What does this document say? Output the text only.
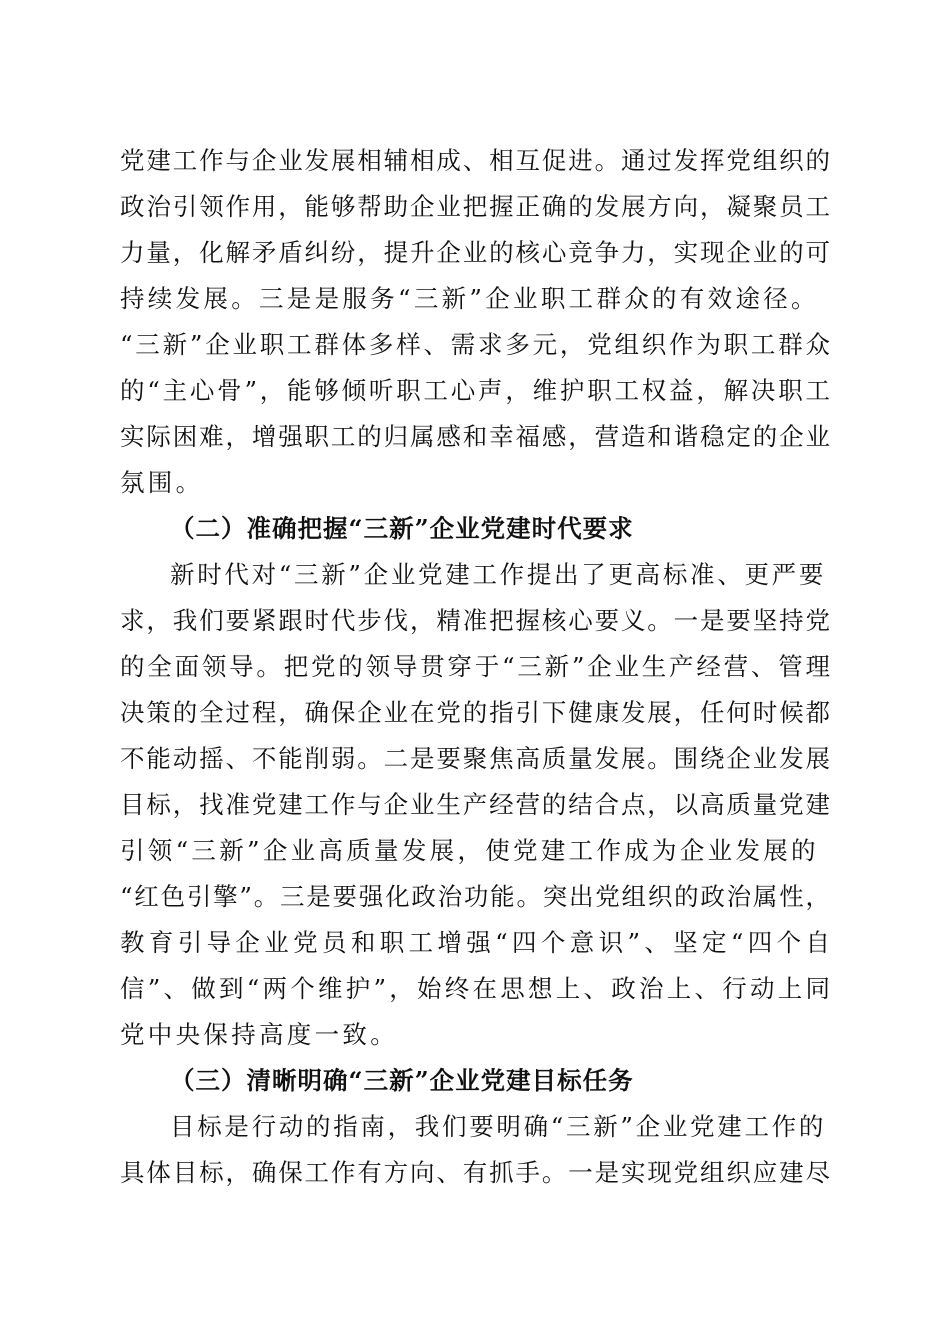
党建工作与企业发展相辅相成、相互促进。通过发挥党组织的
政治引领作用，能够帮助企业把握正确的发展方向，凝聚员工
力量，化解矛盾纠纷，提升企业的核心竞争力，实现企业的可
持续发展。三是是服务“三新”企业职工群众的有效途径。
“三新”企业职工群体多样、需求多元，党组织作为职工群众
的“主心骨”，能够倾听职工心声，维护职工权益，解决职工
实际困难，增强职工的归属感和幸福感，营造和谐稳定的企业
氛围。
（二）准确把握“三新”企业党建时代要求
新时代对“三新”企业党建工作提出了更高标准、更严要
求，我们要紧跟时代步伐，精准把握核心要义。一是要坚持党
的全面领导。把党的领导贯穿于“三新”企业生产经营、管理
决策的全过程，确保企业在党的指引下健康发展，任何时候都
不能动摇、不能削弱。二是要聚焦高质量发展。围绕企业发展
目标，找准党建工作与企业生产经营的结合点，以高质量党建
引领“三新”企业高质量发展，使党建工作成为企业发展的
“红色引擎”。三是要强化政治功能。突出党组织的政治属性，
教育引导企业党员和职工增强“四个意识”、坚定“四个自
信”、做到“两个维护”，始终在思想上、政治上、行动上同
党中央保持高度一致。
（三）清晰明确“三新”企业党建目标任务
目标是行动的指南，我们要明确“三新”企业党建工作的
具体目标，确保工作有方向、有抓手。一是实现党组织应建尽
